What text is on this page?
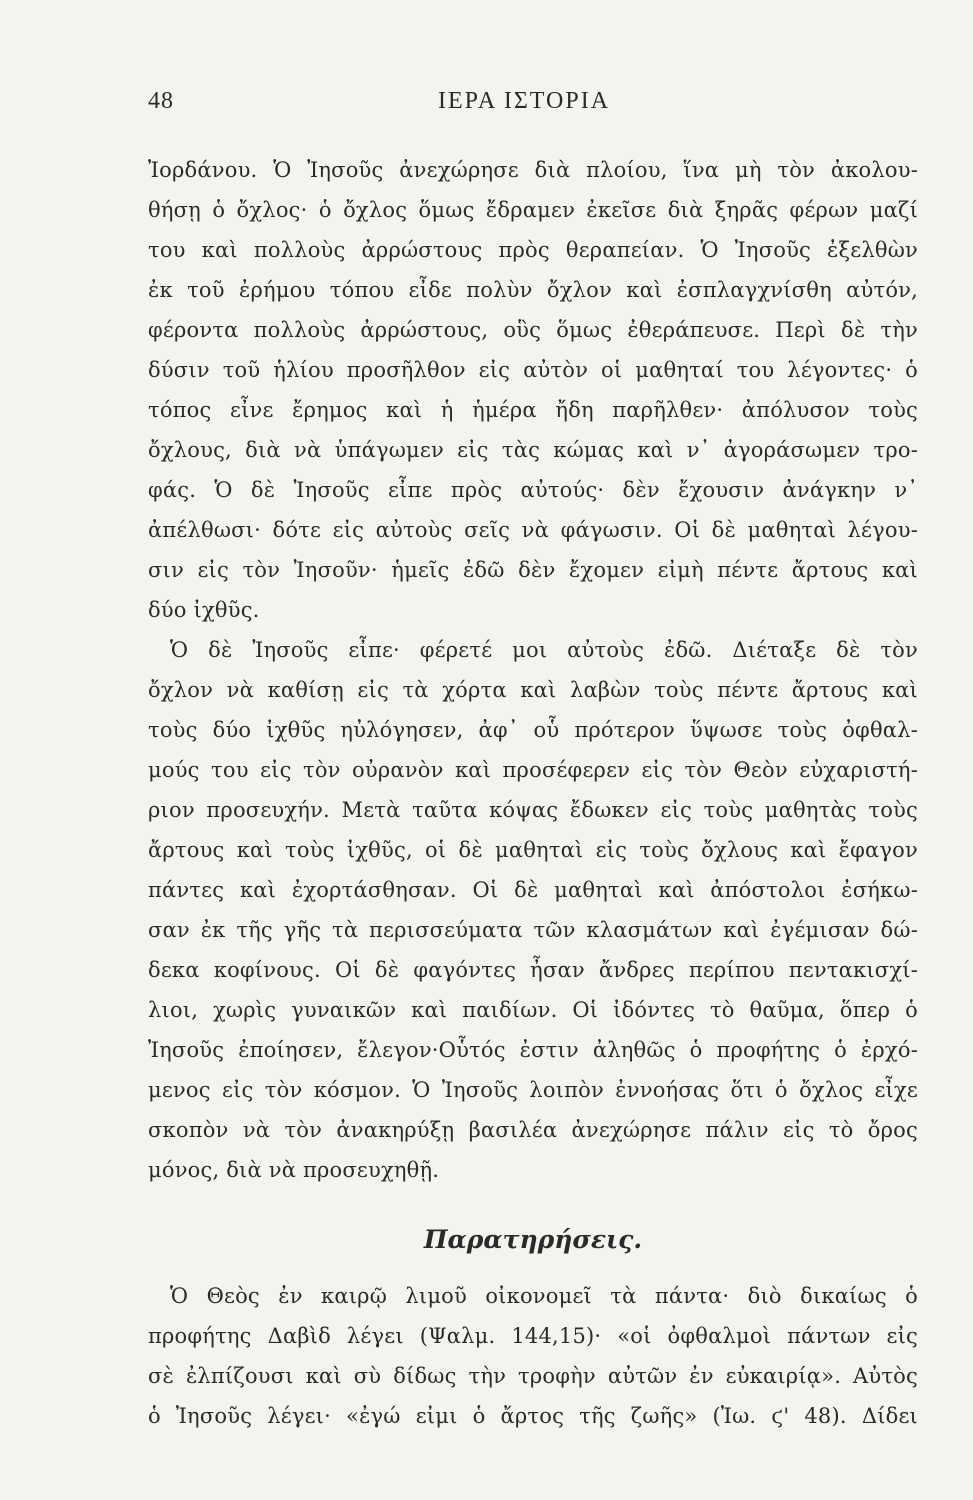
48	ΙΕΡΑ ΙΣΤΟΡΙΑ
Ἰορδάνου. Ὁ Ἰησοῦς ἀνεχώρησε διὰ πλοίου, ἵνα μὴ τὸν ἀκολου-
θήσῃ ὁ ὄχλος· ὁ ὄχλος ὅμως ἔδραμεν ἐκεῖσε διὰ ξηρᾶς φέρων μαζί
του καὶ πολλοὺς ἀρρώστους πρὸς θεραπείαν. Ὁ Ἰησοῦς ἐξελθὼν
ἐκ τοῦ ἐρήμου τόπου εἶδε πολὺν ὄχλον καὶ ἐσπλαγχνίσθη αὐτόν,
φέροντα πολλοὺς ἀρρώστους, οὓς ὅμως ἐθεράπευσε. Περὶ δὲ τὴν
δύσιν τοῦ ἡλίου προσῆλθον εἰς αὐτὸν οἱ μαθηταί του λέγοντες· ὁ
τόπος εἶνε ἔρημος καὶ ἡ ἡμέρα ἤδη παρῆλθεν· ἀπόλυσον τοὺς
ὄχλους, διὰ νὰ ὑπάγωμεν εἰς τὰς κώμας καὶ ν᾽ ἀγοράσωμεν τρο-
φάς. Ὁ δὲ Ἰησοῦς εἶπε πρὸς αὐτούς· δὲν ἔχουσιν ἀνάγκην ν᾽
ἀπέλθωσι· δότε εἰς αὐτοὺς σεῖς νὰ φάγωσιν. Οἱ δὲ μαθηταὶ λέγου-
σιν εἰς τὸν Ἰησοῦν· ἡμεῖς ἐδῶ δὲν ἔχομεν εἰμὴ πέντε ἄρτους καὶ
δύο ἰχθῦς.
Ὁ δὲ Ἰησοῦς εἶπε· φέρετέ μοι αὐτοὺς ἐδῶ. Διέταξε δὲ τὸν
ὄχλον νὰ καθίσῃ εἰς τὰ χόρτα καὶ λαβὼν τοὺς πέντε ἄρτους καὶ
τοὺς δύο ἰχθῦς ηὐλόγησεν, ἀφ᾽ οὗ πρότερον ὕψωσε τοὺς ὀφθαλ-
μούς του εἰς τὸν οὐρανὸν καὶ προσέφερεν εἰς τὸν Θεὸν εὐχαριστή-
ριον προσευχήν. Μετὰ ταῦτα κόψας ἔδωκεν εἰς τοὺς μαθητὰς τοὺς
ἄρτους καὶ τοὺς ἰχθῦς, οἱ δὲ μαθηταὶ εἰς τοὺς ὄχλους καὶ ἔφαγον
πάντες καὶ ἐχορτάσθησαν. Οἱ δὲ μαθηταὶ καὶ ἀπόστολοι ἐσήκω-
σαν ἐκ τῆς γῆς τὰ περισσεύματα τῶν κλασμάτων καὶ ἐγέμισαν δώ-
δεκα κοφίνους. Οἱ δὲ φαγόντες ἦσαν ἄνδρες περίπου πεντακισχί-
λιοι, χωρὶς γυναικῶν καὶ παιδίων. Οἱ ἰδόντες τὸ θαῦμα, ὅπερ ὁ
Ἰησοῦς ἐποίησεν, ἔλεγον·Οὗτός ἐστιν ἀληθῶς ὁ προφήτης ὁ ἐρχό-
μενος εἰς τὸν κόσμον. Ὁ Ἰησοῦς λοιπὸν ἐννοήσας ὅτι ὁ ὄχλος εἶχε
σκοπὸν νὰ τὸν ἀνακηρύξῃ βασιλέα ἀνεχώρησε πάλιν εἰς τὸ ὄρος
μόνος, διὰ νὰ προσευχηθῇ.
Παρατηρήσεις.
Ὁ Θεὸς ἐν καιρῷ λιμοῦ οἰκονομεῖ τὰ πάντα· διὸ δικαίως ὁ
προφήτης Δαβὶδ λέγει (Ψαλμ. 144,15)· «οἱ ὀφθαλμοὶ πάντων εἰς
σὲ ἐλπίζουσι καὶ σὺ δίδως τὴν τροφὴν αὐτῶν ἐν εὐκαιρίᾳ». Αὐτὸς
ὁ Ἰησοῦς λέγει· «ἐγώ εἰμι ὁ ἄρτος τῆς ζωῆς» (Ἰω. ϛ' 48). Δίδει
